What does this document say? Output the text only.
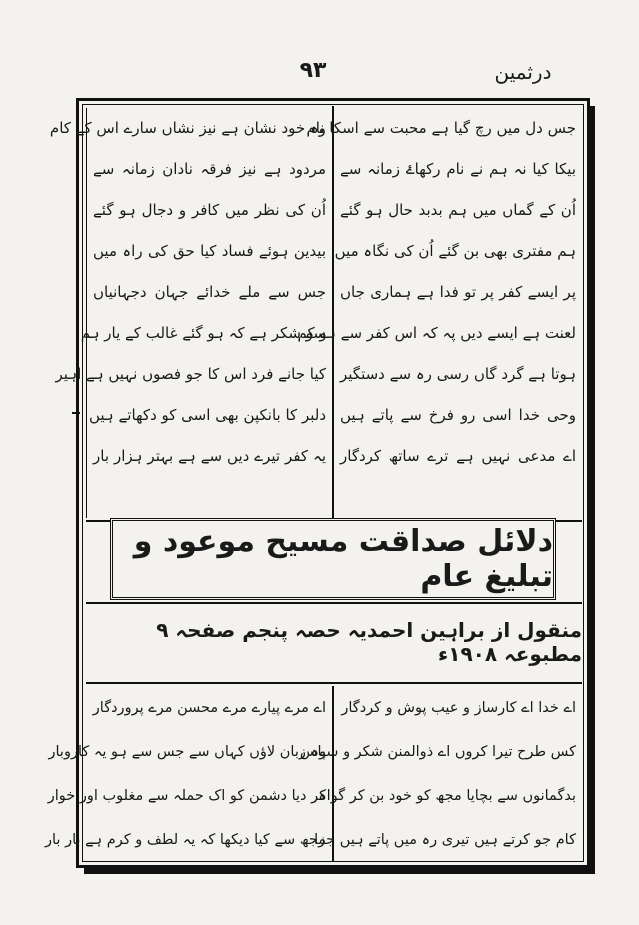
درثمین
۹۳
جس دل میں رچ گیا ہے محبت سے اسکا نام
بیکا کیا نہ ہم نے نام رکھاۓ زمانہ سے
اُن کے گماں میں ہم بدبد حال ہو گئے
ہم مفتری بھی بن گئے اُن کی نگاہ میں
پر ایسے کفر پر تو فدا ہے ہماری جاں
لعنت ہے ایسے دیں پہ کہ اس کفر سے ہو کم
ہوتا ہے گرد گاں رسی رہ سے دستگیر
وحی خدا اسی رو فرخ سے پاتے ہیں
اے مدعی نہیں ہے ترے ساتھ کردگار
وہ خود نشان ہے نیز نشاں سارے اس کے کام
مردود ہے نیز فرقہ نادان زمانہ سے
اُن کی نظر میں کافر و دجال ہو گئے
بیدین ہوئے فساد کیا حق کی راہ میں
جس سے ملے خدائے جہان دجہانیاں
سو شکر ہے کہ ہو گئے غالب کے یار ہم
کیا جانے فرد اس کا جو فصوں نہیں ہے اہیر
دلبر کا بانکپن بھی اسی کو دکھاتے ہیں
یہ کفر تیرے دیں سے ہے بہتر ہزار بار
دلائل صداقت مسیح موعود و تبلیغ عام
منقول از براہین احمدیہ حصہ پنجم صفحہ ۹ مطبوعہ ۱۹۰۸ء
اے خدا اے کارساز و عیب پوش و کردگار
کس طرح تیرا کروں اے ذوالمنن شکر و سپاس
بدگمانوں سے بچایا مجھ کو خود بن کر گواہ
کام جو کرتے ہیں تیری رہ میں پاتے ہیں جزا
اے مرے پیارے مرے محسن مرے پروردگار
وہ زبان لاؤں کہاں سے جس سے ہو یہ کاروبار
کر دیا دشمن کو اک حملہ سے مغلوب اور خوار
مجھ سے کیا دیکھا کہ یہ لطف و کرم ہے بار بار
